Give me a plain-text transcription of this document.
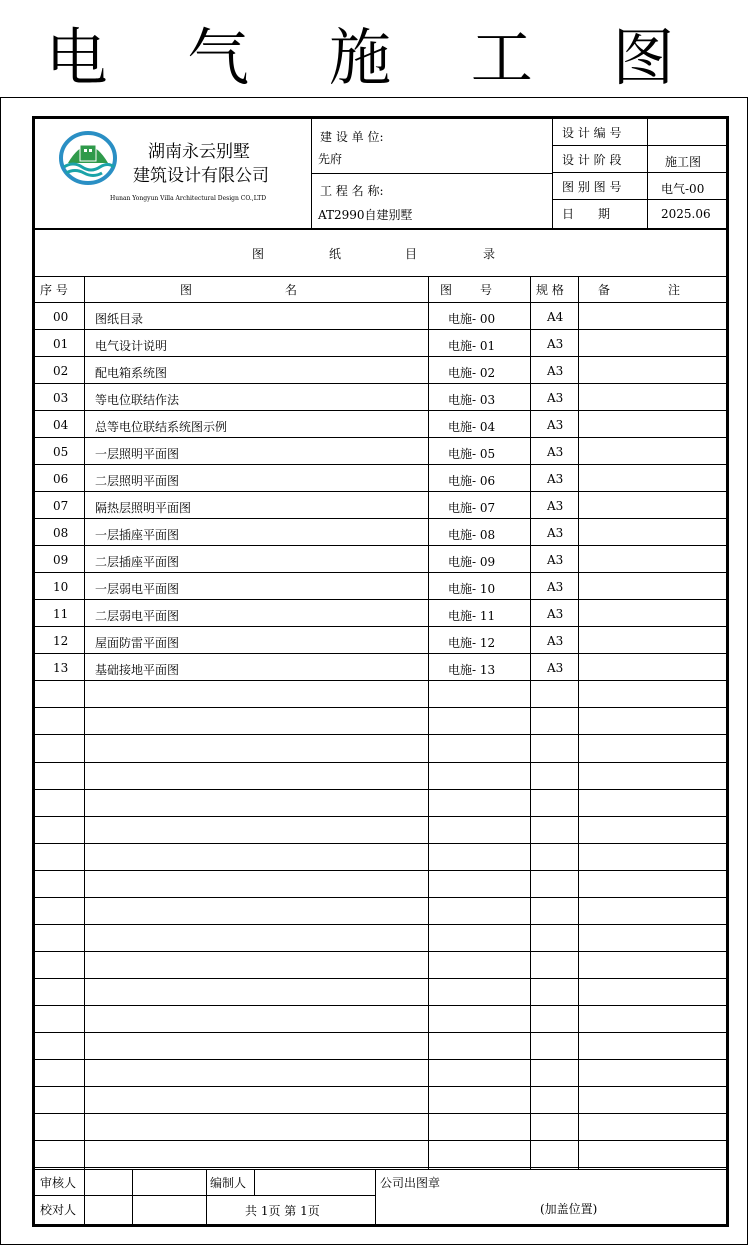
电 气 施 工 图
湖南永云别墅
建筑设计有限公司
Hunan Yongyun Villa Architectural Design CO.,LTD
建 设 单 位:
先府
工 程 名 称:
AT2990自建别墅
设 计 编 号
设 计 阶 段	施工图
图 别 图 号	电气-00
日　　期	2025.06
图	纸	目	录
序 号	图	名	图 号	规 格	备	注
00 图纸目录	电施- 00	A4
01 电气设计说明	电施- 01	A3
02 配电箱系统图	电施- 02	A3
03 等电位联结作法	电施- 03	A3
04 总等电位联结系统图示例	电施- 04	A3
05 一层照明平面图	电施- 05	A3
06 二层照明平面图	电施- 06	A3
07 隔热层照明平面图	电施- 07	A3
08 一层插座平面图	电施- 08	A3
09 二层插座平面图	电施- 09	A3
10 一层弱电平面图	电施- 10	A3
11 二层弱电平面图	电施- 11	A3
12 屋面防雷平面图	电施- 12	A3
13 基础接地平面图	电施- 13	A3
审核人
校对人
编制人
共 1页 第 1页
公司出图章
(加盖位置)
